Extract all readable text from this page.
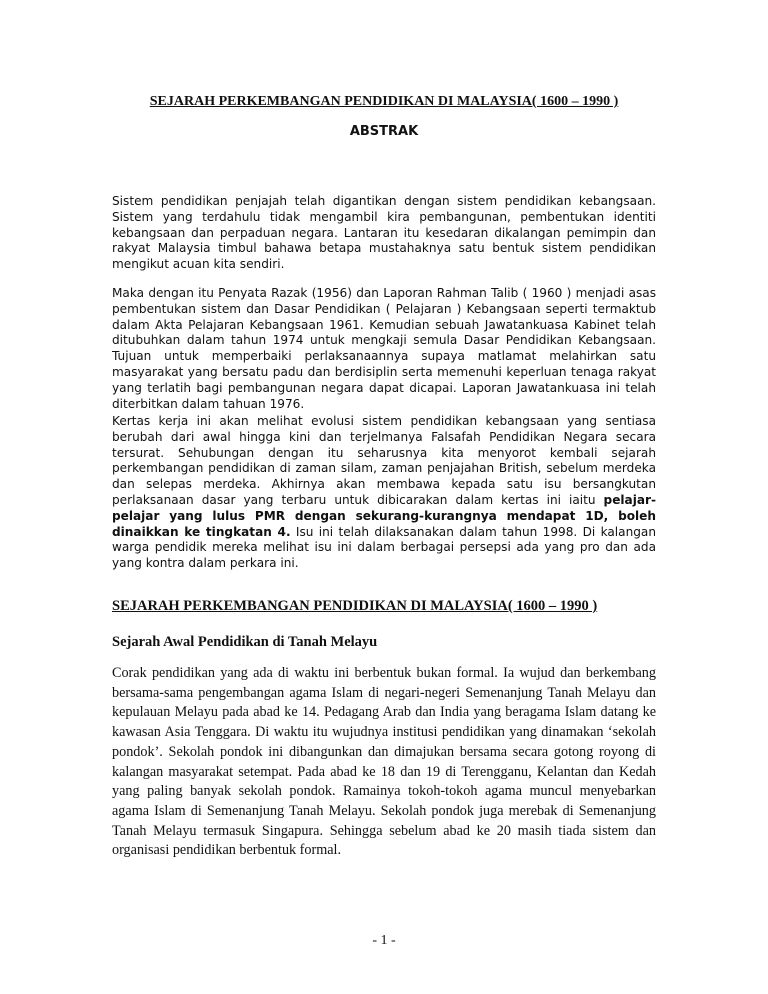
SEJARAH PERKEMBANGAN PENDIDIKAN DI MALAYSIA( 1600 – 1990 )
ABSTRAK

Sistem pendidikan penjajah telah digantikan dengan sistem pendidikan kebangsaan. Sistem yang terdahulu tidak mengambil kira pembangunan, pembentukan identiti kebangsaan dan perpaduan negara. Lantaran itu kesedaran dikalangan pemimpin dan rakyat Malaysia timbul bahawa betapa mustahaknya satu bentuk sistem pendidikan mengikut acuan kita sendiri.

Maka dengan itu Penyata Razak (1956) dan Laporan Rahman Talib ( 1960 ) menjadi asas pembentukan sistem dan Dasar Pendidikan ( Pelajaran ) Kebangsaan seperti termaktub dalam Akta Pelajaran Kebangsaan 1961. Kemudian sebuah Jawatankuasa Kabinet telah ditubuhkan dalam tahun 1974 untuk mengkaji semula Dasar Pendidikan Kebangsaan. Tujuan untuk memperbaiki perlaksanaannya supaya matlamat melahirkan satu masyarakat yang bersatu padu dan berdisiplin serta memenuhi keperluan tenaga rakyat yang terlatih bagi pembangunan negara dapat dicapai. Laporan Jawatankuasa ini telah diterbitkan dalam tahuan 1976.

Kertas kerja ini akan melihat evolusi sistem pendidikan kebangsaan yang sentiasa berubah dari awal hingga kini dan terjelmanya Falsafah Pendidikan Negara secara tersurat. Sehubungan dengan itu seharusnya kita menyorot kembali sejarah perkembangan pendidikan di zaman silam, zaman penjajahan British, sebelum merdeka dan selepas merdeka. Akhirnya akan membawa kepada satu isu bersangkutan perlaksanaan dasar yang terbaru untuk dibicarakan dalam kertas ini iaitu pelajar-pelajar yang lulus PMR dengan sekurang-kurangnya mendapat 1D, boleh dinaikkan ke tingkatan 4. Isu ini telah dilaksanakan dalam tahun 1998. Di kalangan warga pendidik mereka melihat isu ini dalam berbagai persepsi ada yang pro dan ada yang kontra dalam perkara ini.

SEJARAH PERKEMBANGAN PENDIDIKAN DI MALAYSIA( 1600 – 1990 )
Sejarah Awal Pendidikan di Tanah Melayu

Corak pendidikan yang ada di waktu ini berbentuk bukan formal. Ia wujud dan berkembang bersama-sama pengembangan agama Islam di negari-negeri Semenanjung Tanah Melayu dan kepulauan Melayu pada abad ke 14. Pedagang Arab dan India yang beragama Islam datang ke kawasan Asia Tenggara. Di waktu itu wujudnya institusi pendidikan yang dinamakan ‘sekolah pondok’. Sekolah pondok ini dibangunkan dan dimajukan bersama secara gotong royong di kalangan masyarakat setempat. Pada abad ke 18 dan 19 di Terengganu, Kelantan dan Kedah yang paling banyak sekolah pondok. Ramainya tokoh-tokoh agama muncul menyebarkan agama Islam di Semenanjung Tanah Melayu. Sekolah pondok juga merebak di Semenanjung Tanah Melayu termasuk Singapura. Sehingga sebelum abad ke 20 masih tiada sistem dan organisasi pendidikan berbentuk formal.

- 1 -
